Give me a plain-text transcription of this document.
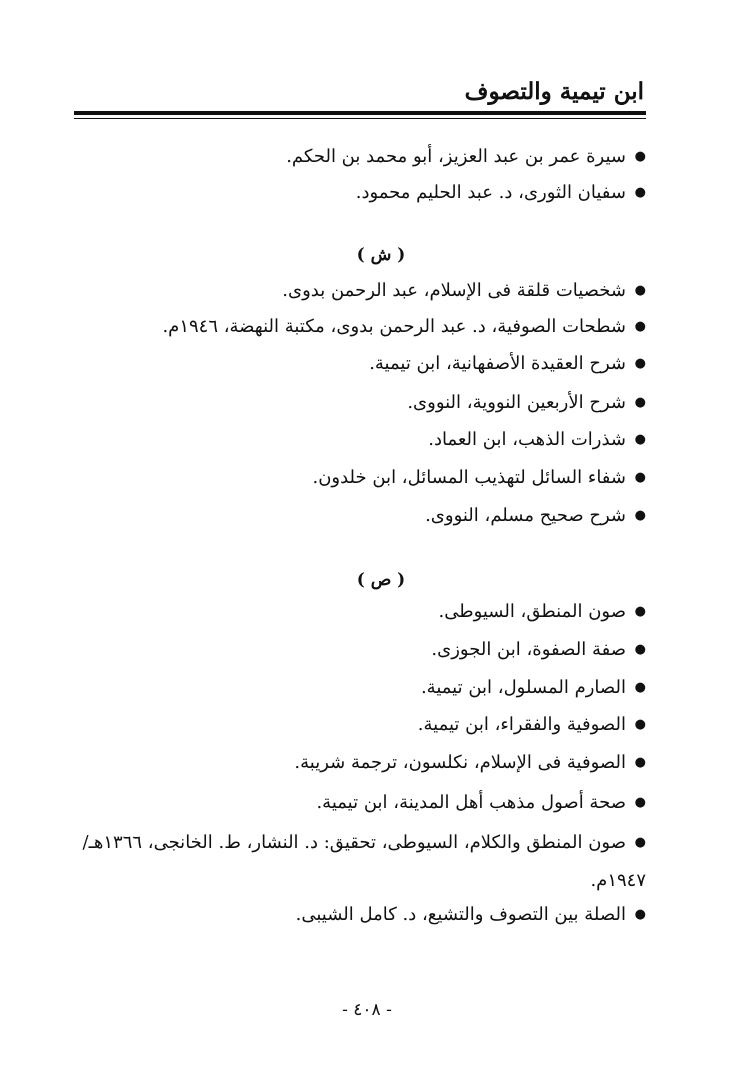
ابن تيمية والتصوف
●سيرة عمر بن عبد العزيز، أبو محمد بن الحكم.
●سفيان الثورى، د. عبد الحليم محمود.
( ش )
●شخصيات قلقة فى الإسلام، عبد الرحمن بدوى.
●شطحات الصوفية، د. عبد الرحمن بدوى، مكتبة النهضة، ١٩٤٦م.
●شرح العقيدة الأصفهانية، ابن تيمية.
●شرح الأربعين النووية، النووى.
●شذرات الذهب، ابن العماد.
●شفاء السائل لتهذيب المسائل، ابن خلدون.
●شرح صحيح مسلم، النووى.
( ص )
●صون المنطق، السيوطى.
●صفة الصفوة، ابن الجوزى.
●الصارم المسلول، ابن تيمية.
●الصوفية والفقراء، ابن تيمية.
●الصوفية فى الإسلام، نكلسون، ترجمة شريبة.
●صحة أصول مذهب أهل المدينة، ابن تيمية.
●صون المنطق والكلام، السيوطى، تحقيق: د. النشار، ط. الخانجى، ١٣٦٦هـ/ ١٩٤٧م.
●الصلة بين التصوف والتشيع، د. كامل الشيبى.
- ٤٠٨ -
